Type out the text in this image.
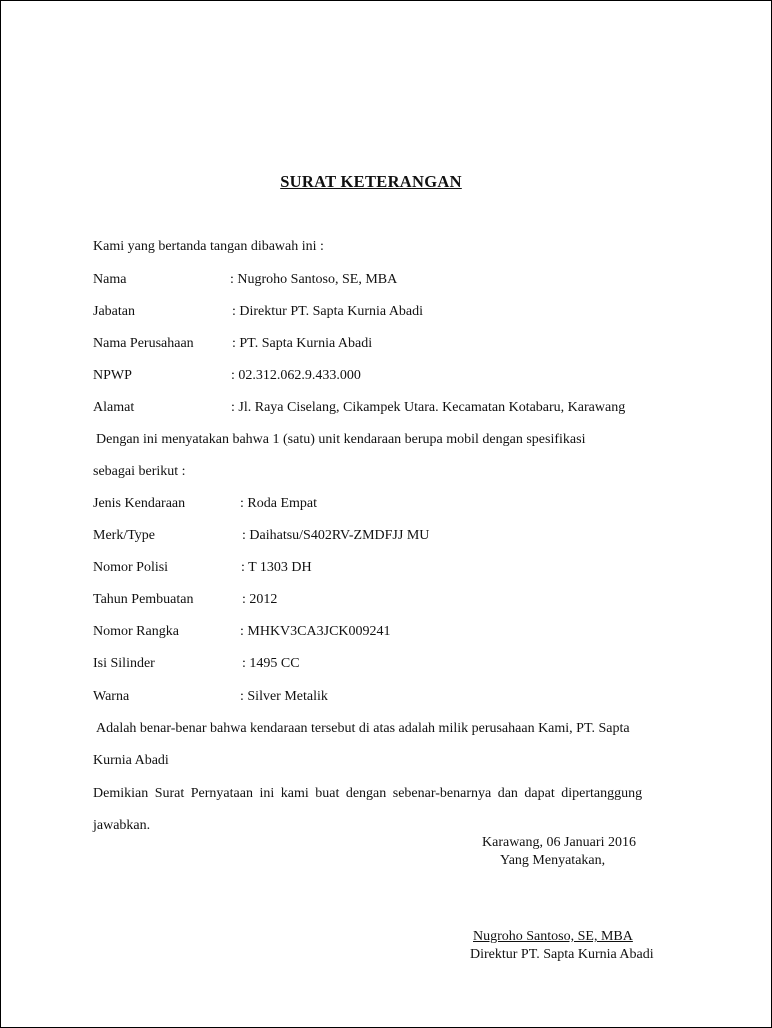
SURAT KETERANGAN
Kami yang bertanda tangan dibawah ini :
Nama	: Nugroho Santoso, SE, MBA
Jabatan	: Direktur PT. Sapta Kurnia Abadi
Nama Perusahaan	: PT. Sapta Kurnia Abadi
NPWP	: 02.312.062.9.433.000
Alamat	: Jl. Raya Ciselang, Cikampek Utara. Kecamatan Kotabaru, Karawang
Dengan ini menyatakan bahwa 1 (satu) unit kendaraan berupa mobil dengan spesifikasi
sebagai berikut :
Jenis Kendaraan	: Roda Empat
Merk/Type	: Daihatsu/S402RV-ZMDFJJ MU
Nomor Polisi	: T 1303 DH
Tahun Pembuatan	: 2012
Nomor Rangka	: MHKV3CA3JCK009241
Isi Silinder	: 1495 CC
Warna	: Silver Metalik
Adalah benar-benar bahwa kendaraan tersebut di atas adalah milik perusahaan Kami, PT. Sapta
Kurnia Abadi
Demikian Surat Pernyataan ini kami buat dengan sebenar-benarnya dan dapat dipertanggung
jawabkan.
Karawang, 06 Januari 2016
Yang Menyatakan,
Nugroho Santoso, SE, MBA
Direktur PT. Sapta Kurnia Abadi
